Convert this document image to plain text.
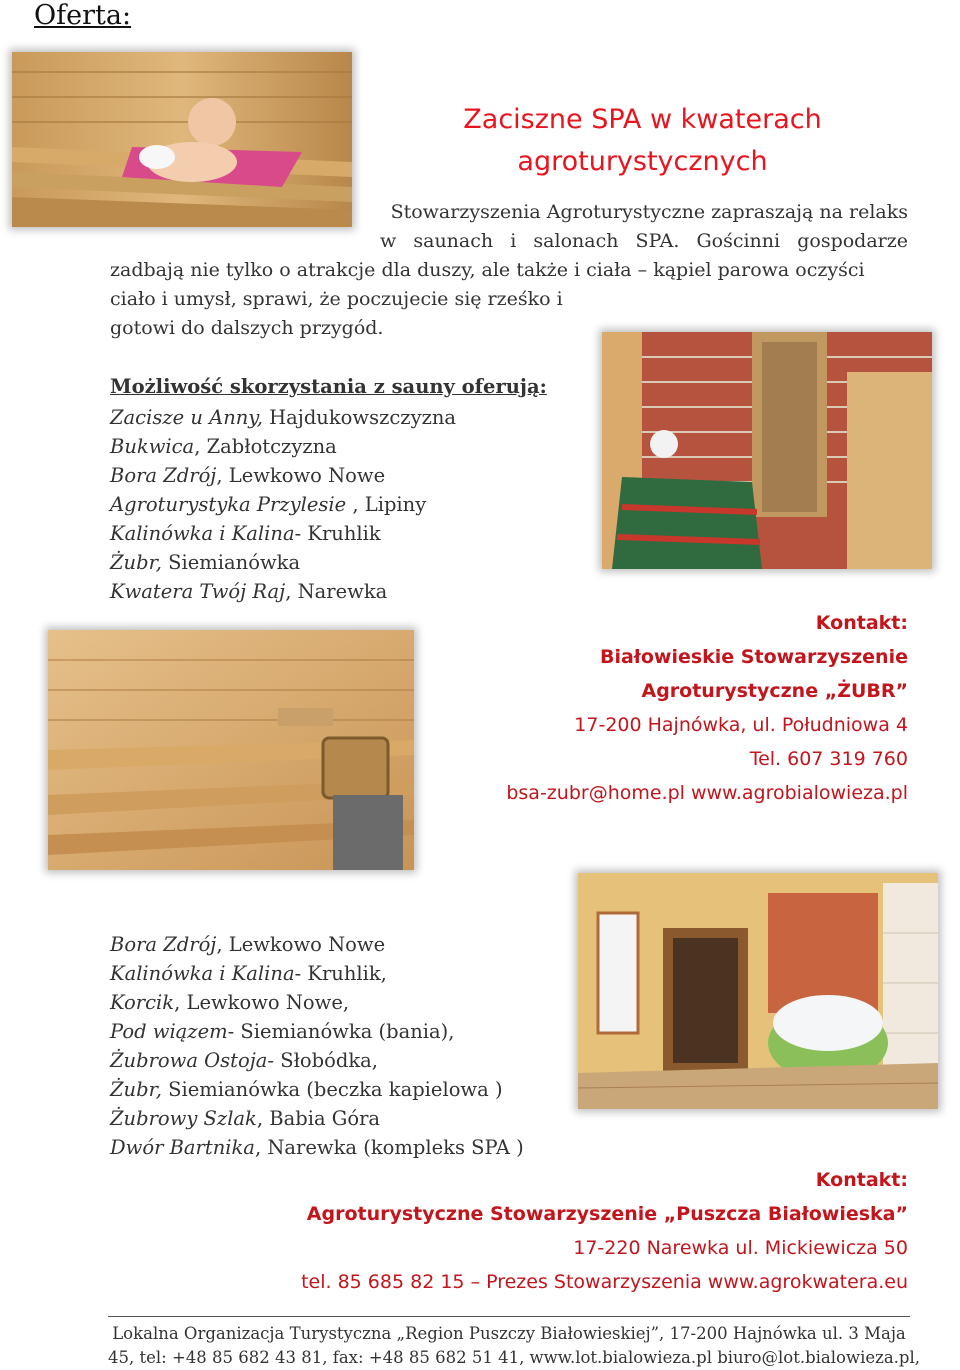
Oferta:
Zaciszne SPA w kwaterach
agroturystycznych
Stowarzyszenia Agroturystyczne zapraszają na relaks
w saunach i salonach SPA. Gościnni gospodarze
zadbają nie tylko o atrakcje dla duszy, ale także i ciała – kąpiel parowa oczyści
ciało i umysł, sprawi, że poczujecie się rześko i
gotowi do dalszych przygód.
Możliwość skorzystania z sauny oferują:
Zacisze u Anny, Hajdukowszczyzna
Bukwica, Zabłotczyzna
Bora Zdrój, Lewkowo Nowe
Agroturystyka Przylesie , Lipiny
Kalinówka i Kalina- Kruhlik
Żubr, Siemianówka
Kwatera Twój Raj, Narewka
Kontakt:
Białowieskie Stowarzyszenie
Agroturystyczne „ŻUBR”
17-200 Hajnówka, ul. Południowa 4
Tel. 607 319 760
bsa-zubr@home.pl www.agrobialowieza.pl
Bora Zdrój, Lewkowo Nowe
Kalinówka i Kalina- Kruhlik,
Korcik, Lewkowo Nowe,
Pod wiązem- Siemianówka (bania),
Żubrowa Ostoja- Słobódka,
Żubr, Siemianówka (beczka kapielowa )
Żubrowy Szlak, Babia Góra
Dwór Bartnika, Narewka (kompleks SPA )
Kontakt:
Agroturystyczne Stowarzyszenie „Puszcza Białowieska”
17-220 Narewka ul. Mickiewicza 50
tel. 85 685 82 15 – Prezes Stowarzyszenia www.agrokwatera.eu
Lokalna Organizacja Turystyczna „Region Puszczy Białowieskiej”, 17-200 Hajnówka ul. 3 Maja
45, tel: +48 85 682 43 81, fax: +48 85 682 51 41, www.lot.bialowieza.pl biuro@lot.bialowieza.pl,
